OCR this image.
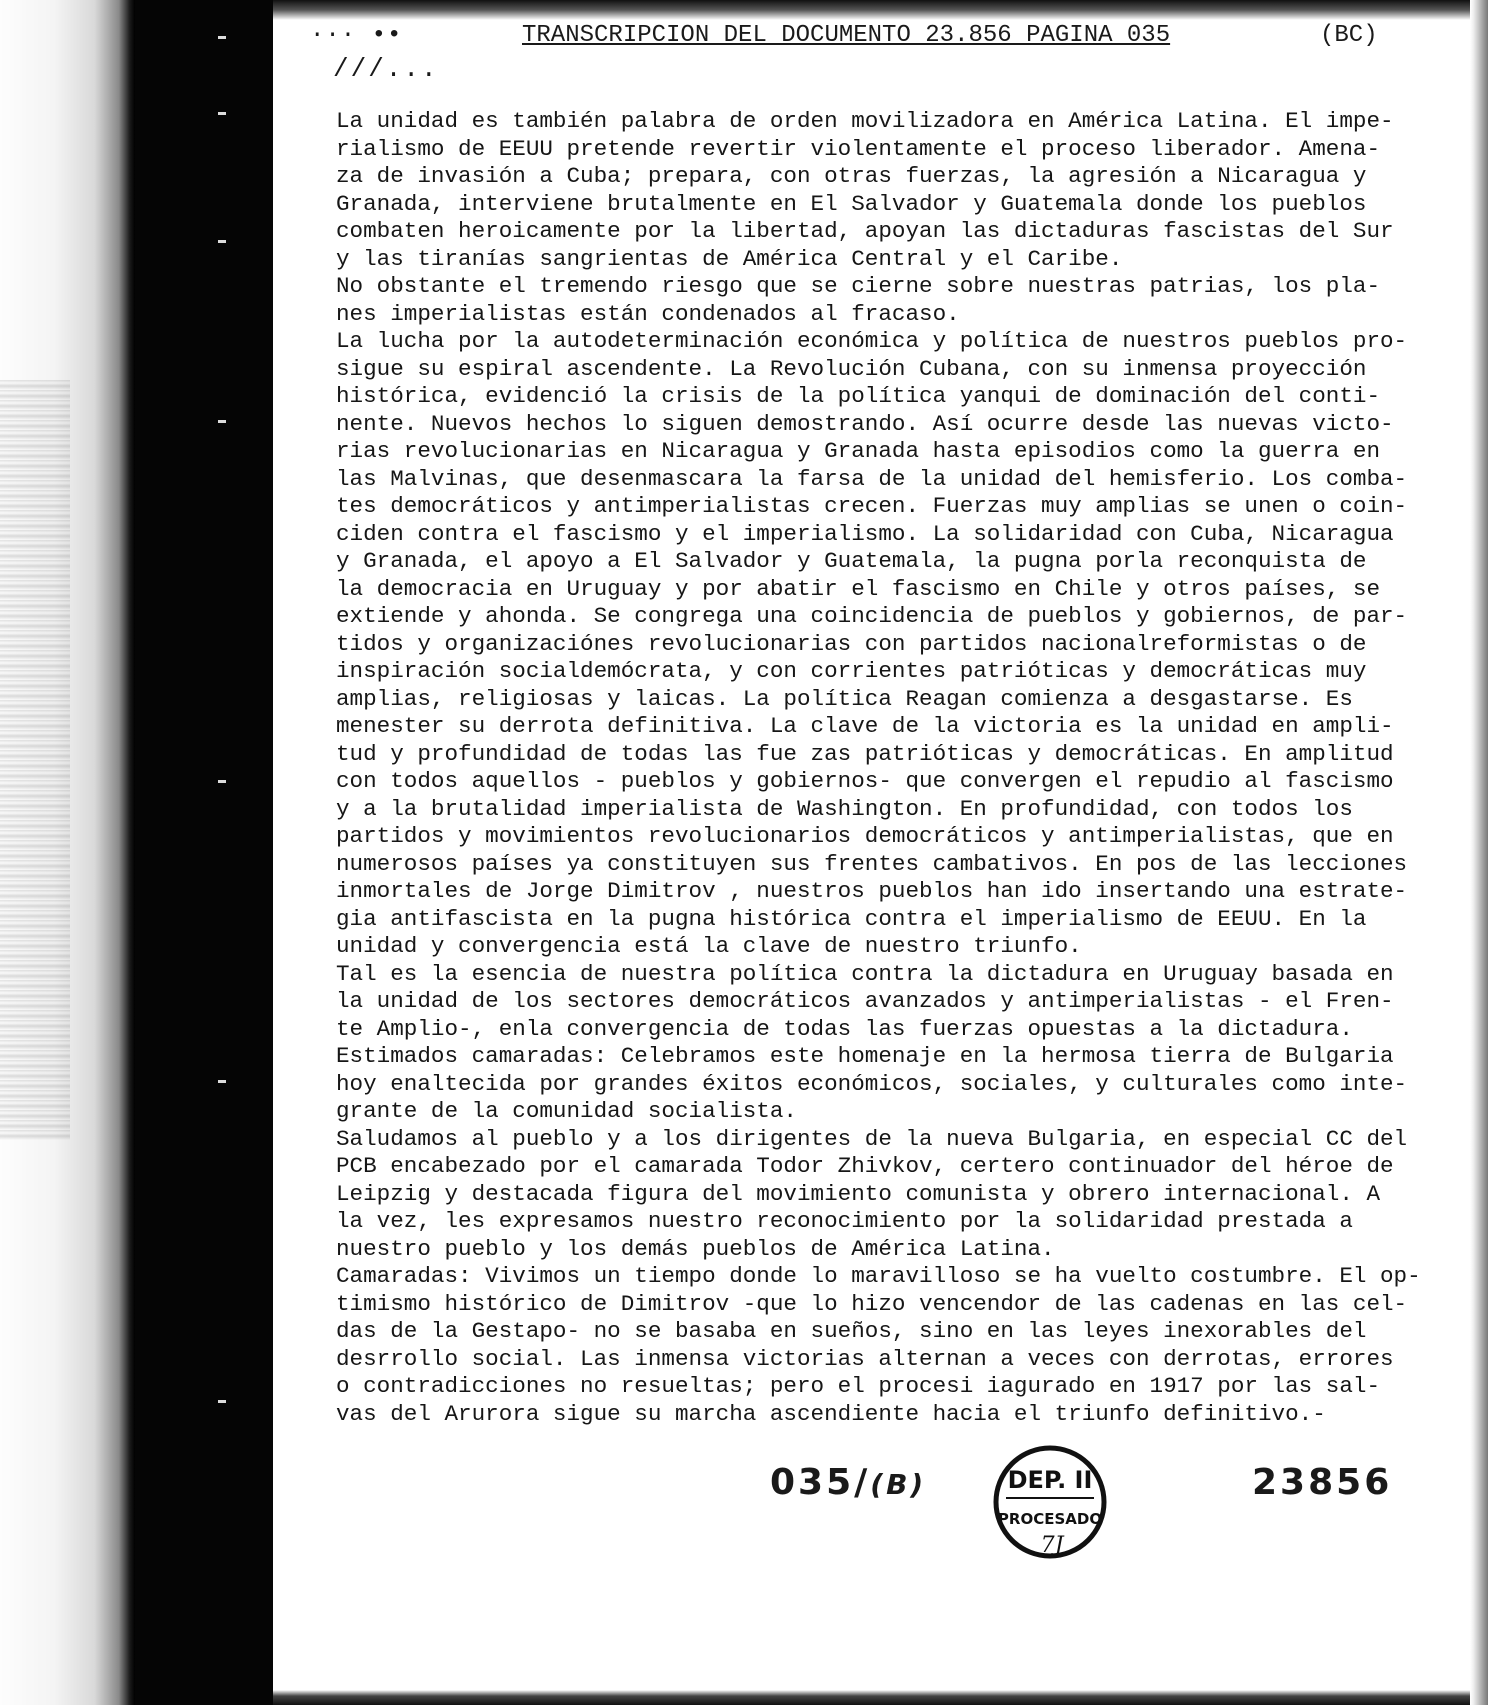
··· ••	TRANSCRIPCION DEL DOCUMENTO 23.856 PAGINA 035	(BC)
///...
La unidad es también palabra de orden movilizadora en América Latina. El impe-
rialismo de EEUU pretende revertir violentamente el proceso liberador. Amena-
za de invasión a Cuba; prepara, con otras fuerzas, la agresión a Nicaragua y
Granada, interviene brutalmente en El Salvador y Guatemala donde los pueblos
combaten heroicamente por la libertad, apoyan las dictaduras fascistas del Sur
y las tiranías sangrientas de América Central y el Caribe.
No obstante el tremendo riesgo que se cierne sobre nuestras patrias, los pla-
nes imperialistas están condenados al fracaso.
La lucha por la autodeterminación económica y política de nuestros pueblos pro-
sigue su espiral ascendente. La Revolución Cubana, con su inmensa proyección
histórica, evidenció la crisis de la política yanqui de dominación del conti-
nente. Nuevos hechos lo siguen demostrando. Así ocurre desde las nuevas victo-
rias revolucionarias en Nicaragua y Granada hasta episodios como la guerra en
las Malvinas, que desenmascara la farsa de la unidad del hemisferio. Los comba-
tes democráticos y antimperialistas crecen. Fuerzas muy amplias se unen o coin-
ciden contra el fascismo y el imperialismo. La solidaridad con Cuba, Nicaragua
y Granada, el apoyo a El Salvador y Guatemala, la pugna porla reconquista de
la democracia en Uruguay y por abatir el fascismo en Chile y otros países, se
extiende y ahonda. Se congrega una coincidencia de pueblos y gobiernos, de par-
tidos y organizaciónes revolucionarias con partidos nacionalreformistas o de
inspiración socialdemócrata, y con corrientes patrióticas y democráticas muy
amplias, religiosas y laicas. La política Reagan comienza a desgastarse. Es
menester su derrota definitiva. La clave de la victoria es la unidad en ampli-
tud y profundidad de todas las fue zas patrióticas y democráticas. En amplitud
con todos aquellos - pueblos y gobiernos- que convergen el repudio al fascismo
y a la brutalidad imperialista de Washington. En profundidad, con todos los
partidos y movimientos revolucionarios democráticos y antimperialistas, que en
numerosos países ya constituyen sus frentes cambativos. En pos de las lecciones
inmortales de Jorge Dimitrov , nuestros pueblos han ido insertando una estrate-
gia antifascista en la pugna histórica contra el imperialismo de EEUU. En la
unidad y convergencia está la clave de nuestro triunfo.
Tal es la esencia de nuestra política contra la dictadura en Uruguay basada en
la unidad de los sectores democráticos avanzados y antimperialistas - el Fren-
te Amplio-, enla convergencia de todas las fuerzas opuestas a la dictadura.
Estimados camaradas: Celebramos este homenaje en la hermosa tierra de Bulgaria
hoy enaltecida por grandes éxitos económicos, sociales, y culturales como inte-
grante de la comunidad socialista.
Saludamos al pueblo y a los dirigentes de la nueva Bulgaria, en especial CC del
PCB encabezado por el camarada Todor Zhivkov, certero continuador del héroe de
Leipzig y destacada figura del movimiento comunista y obrero internacional. A
la vez, les expresamos nuestro reconocimiento por la solidaridad prestada a
nuestro pueblo y los demás pueblos de América Latina.
Camaradas: Vivimos un tiempo donde lo maravilloso se ha vuelto costumbre. El op-
timismo histórico de Dimitrov -que lo hizo vencendor de las cadenas en las cel-
das de la Gestapo- no se basaba en sueños, sino en las leyes inexorables del
desrrollo social. Las inmensa victorias alternan a veces con derrotas, errores
o contradicciones no resueltas; pero el procesi iagurado en 1917 por las sal-
vas del Arurora sigue su marcha ascendiente hacia el triunfo definitivo.-
035/(B)	DEP. II
PROCESADO
7J
23856
